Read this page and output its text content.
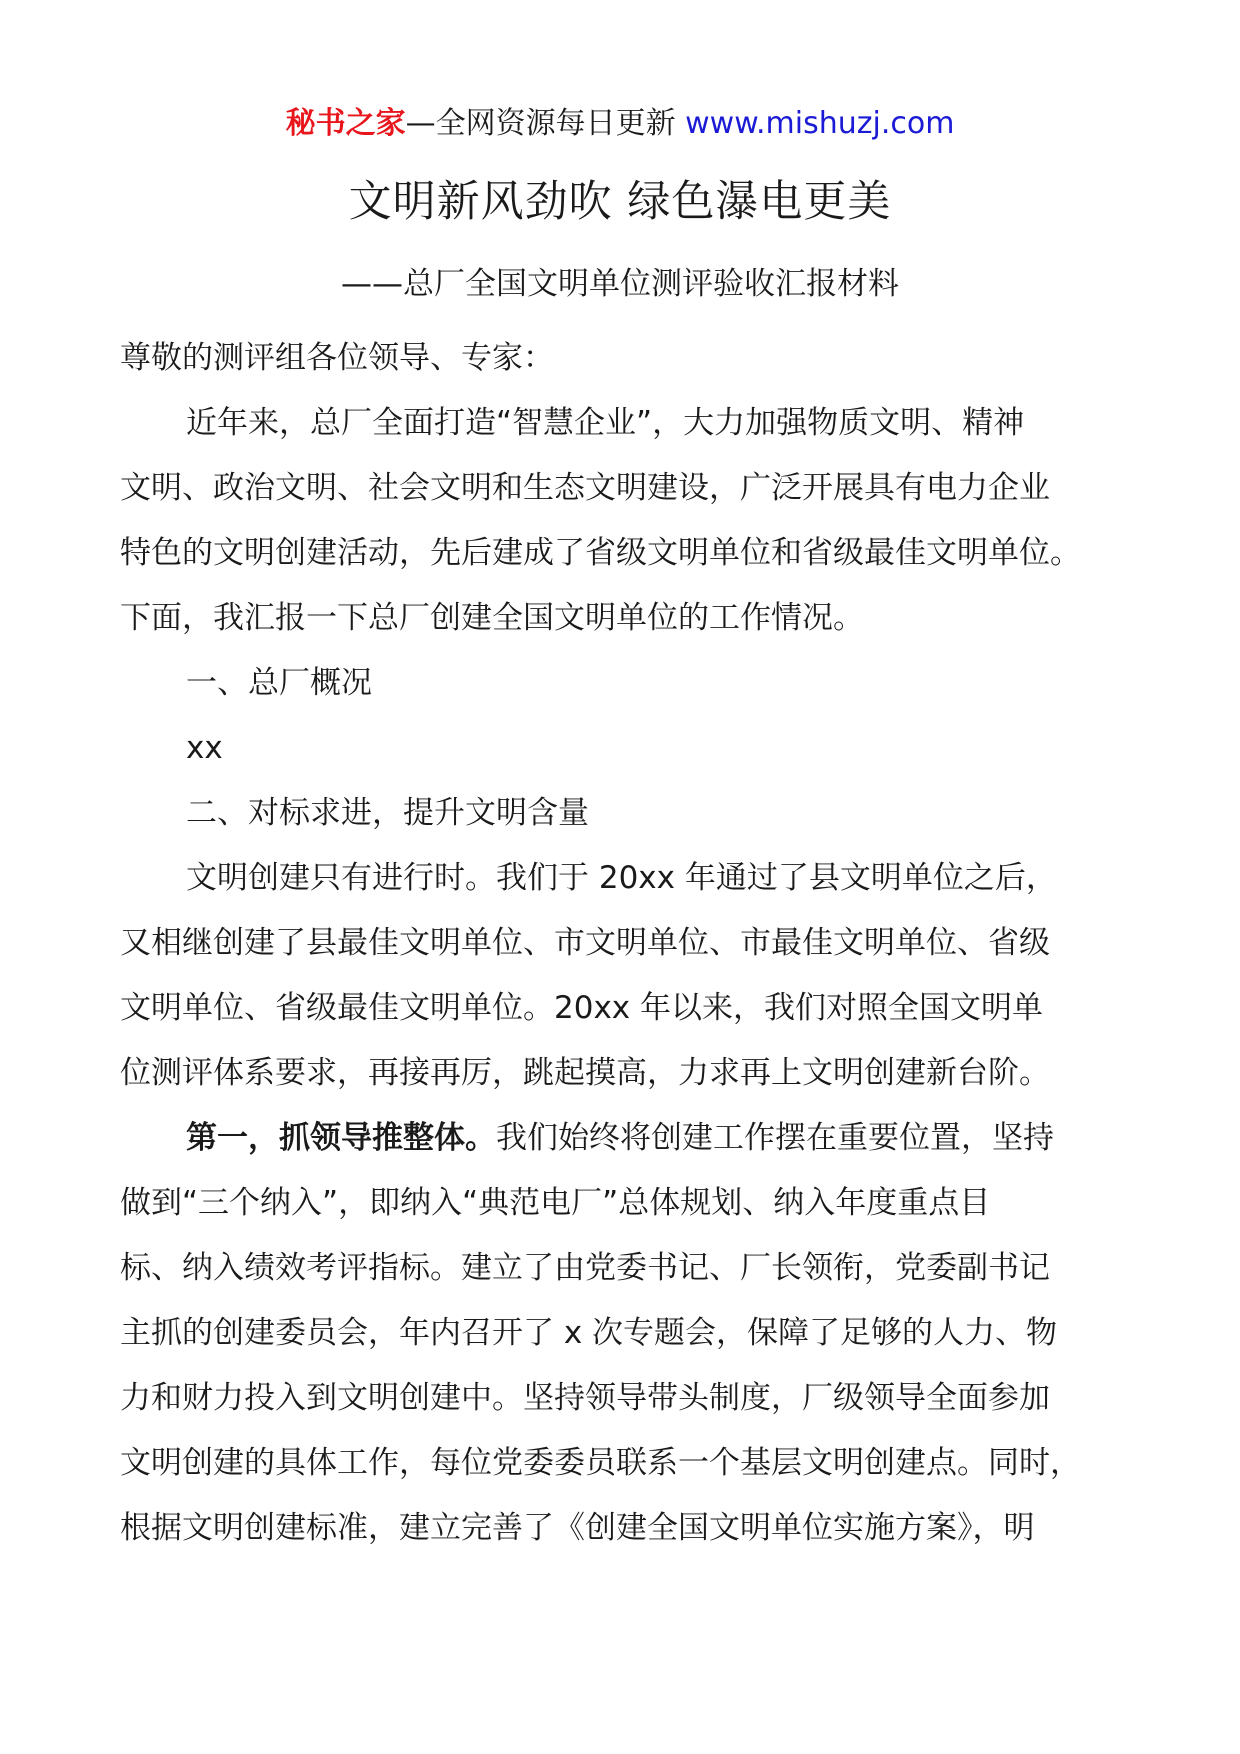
秘书之家—全网资源每日更新 www.mishuzj.com
文明新风劲吹 绿色瀑电更美
——总厂全国文明单位测评验收汇报材料
尊敬的测评组各位领导、专家：
近年来，总厂全面打造“智慧企业”，大力加强物质文明、精神
文明、政治文明、社会文明和生态文明建设，广泛开展具有电力企业
特色的文明创建活动，先后建成了省级文明单位和省级最佳文明单位。
下面，我汇报一下总厂创建全国文明单位的工作情况。
一、总厂概况
xx
二、对标求进，提升文明含量
文明创建只有进行时。我们于 20xx 年通过了县文明单位之后，
又相继创建了县最佳文明单位、市文明单位、市最佳文明单位、省级
文明单位、省级最佳文明单位。20xx 年以来，我们对照全国文明单
位测评体系要求，再接再厉，跳起摸高，力求再上文明创建新台阶。
第一，抓领导推整体。我们始终将创建工作摆在重要位置，坚持
做到“三个纳入”，即纳入“典范电厂”总体规划、纳入年度重点目
标、纳入绩效考评指标。建立了由党委书记、厂长领衔，党委副书记
主抓的创建委员会，年内召开了 x 次专题会，保障了足够的人力、物
力和财力投入到文明创建中。坚持领导带头制度，厂级领导全面参加
文明创建的具体工作，每位党委委员联系一个基层文明创建点。同时，
根据文明创建标准，建立完善了《创建全国文明单位实施方案》，明
